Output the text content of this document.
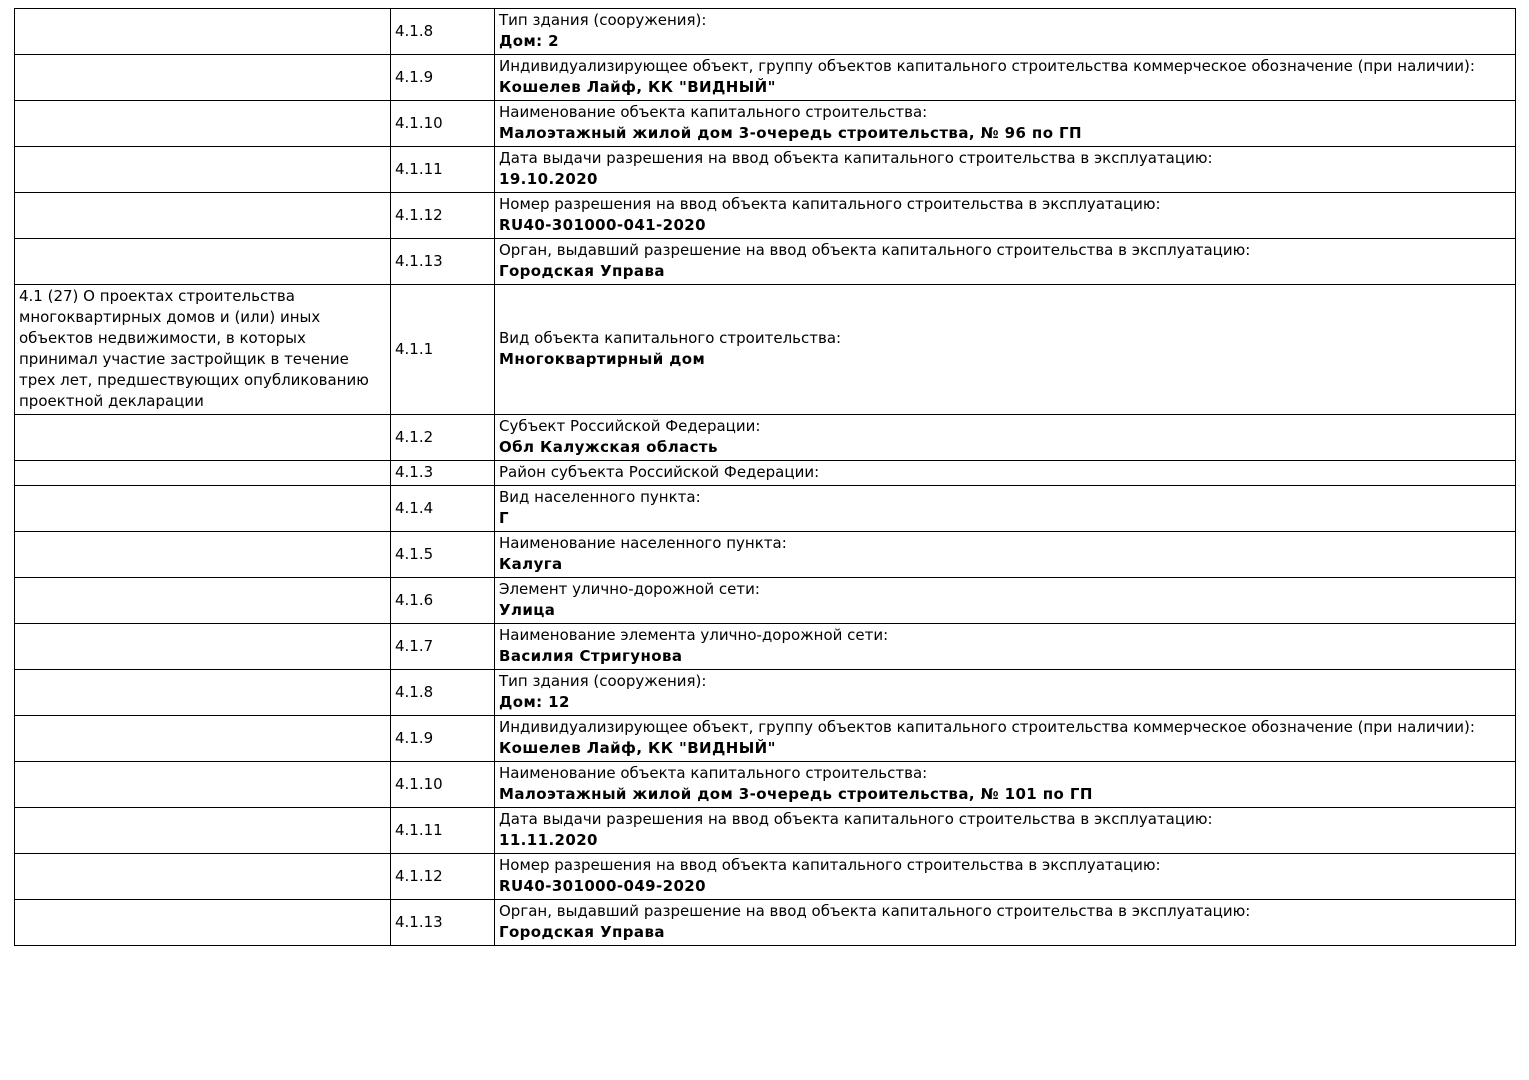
	4.1.8	Тип здания (сооружения):
Дом: 2

	4.1.9	Индивидуализирующее объект, группу объектов капитального строительства коммерческое обозначение (при наличии):
Кошелев Лайф, КК "ВИДНЫЙ"

	4.1.10	Наименование объекта капитального строительства:
Малоэтажный жилой дом 3-очередь строительства, № 96 по ГП

	4.1.11	Дата выдачи разрешения на ввод объекта капитального строительства в эксплуатацию:
19.10.2020

	4.1.12	Номер разрешения на ввод объекта капитального строительства в эксплуатацию:
RU40-301000-041-2020

	4.1.13	Орган, выдавший разрешение на ввод объекта капитального строительства в эксплуатацию:
Городская Управа

4.1 (27) О проектах строительства многоквартирных домов и (или) иных объектов недвижимости, в которых принимал участие застройщик в течение трех лет, предшествующих опубликованию проектной декларации	4.1.1	Вид объекта капитального строительства:
Многоквартирный дом

	4.1.2	Субъект Российской Федерации:
Обл Калужская область

	4.1.3	Район субъекта Российской Федерации:

	4.1.4	Вид населенного пункта:
Г

	4.1.5	Наименование населенного пункта:
Калуга

	4.1.6	Элемент улично-дорожной сети:
Улица

	4.1.7	Наименование элемента улично-дорожной сети:
Василия Стригунова

	4.1.8	Тип здания (сооружения):
Дом: 12

	4.1.9	Индивидуализирующее объект, группу объектов капитального строительства коммерческое обозначение (при наличии):
Кошелев Лайф, КК "ВИДНЫЙ"

	4.1.10	Наименование объекта капитального строительства:
Малоэтажный жилой дом 3-очередь строительства, № 101 по ГП

	4.1.11	Дата выдачи разрешения на ввод объекта капитального строительства в эксплуатацию:
11.11.2020

	4.1.12	Номер разрешения на ввод объекта капитального строительства в эксплуатацию:
RU40-301000-049-2020

	4.1.13	Орган, выдавший разрешение на ввод объекта капитального строительства в эксплуатацию:
Городская Управа
